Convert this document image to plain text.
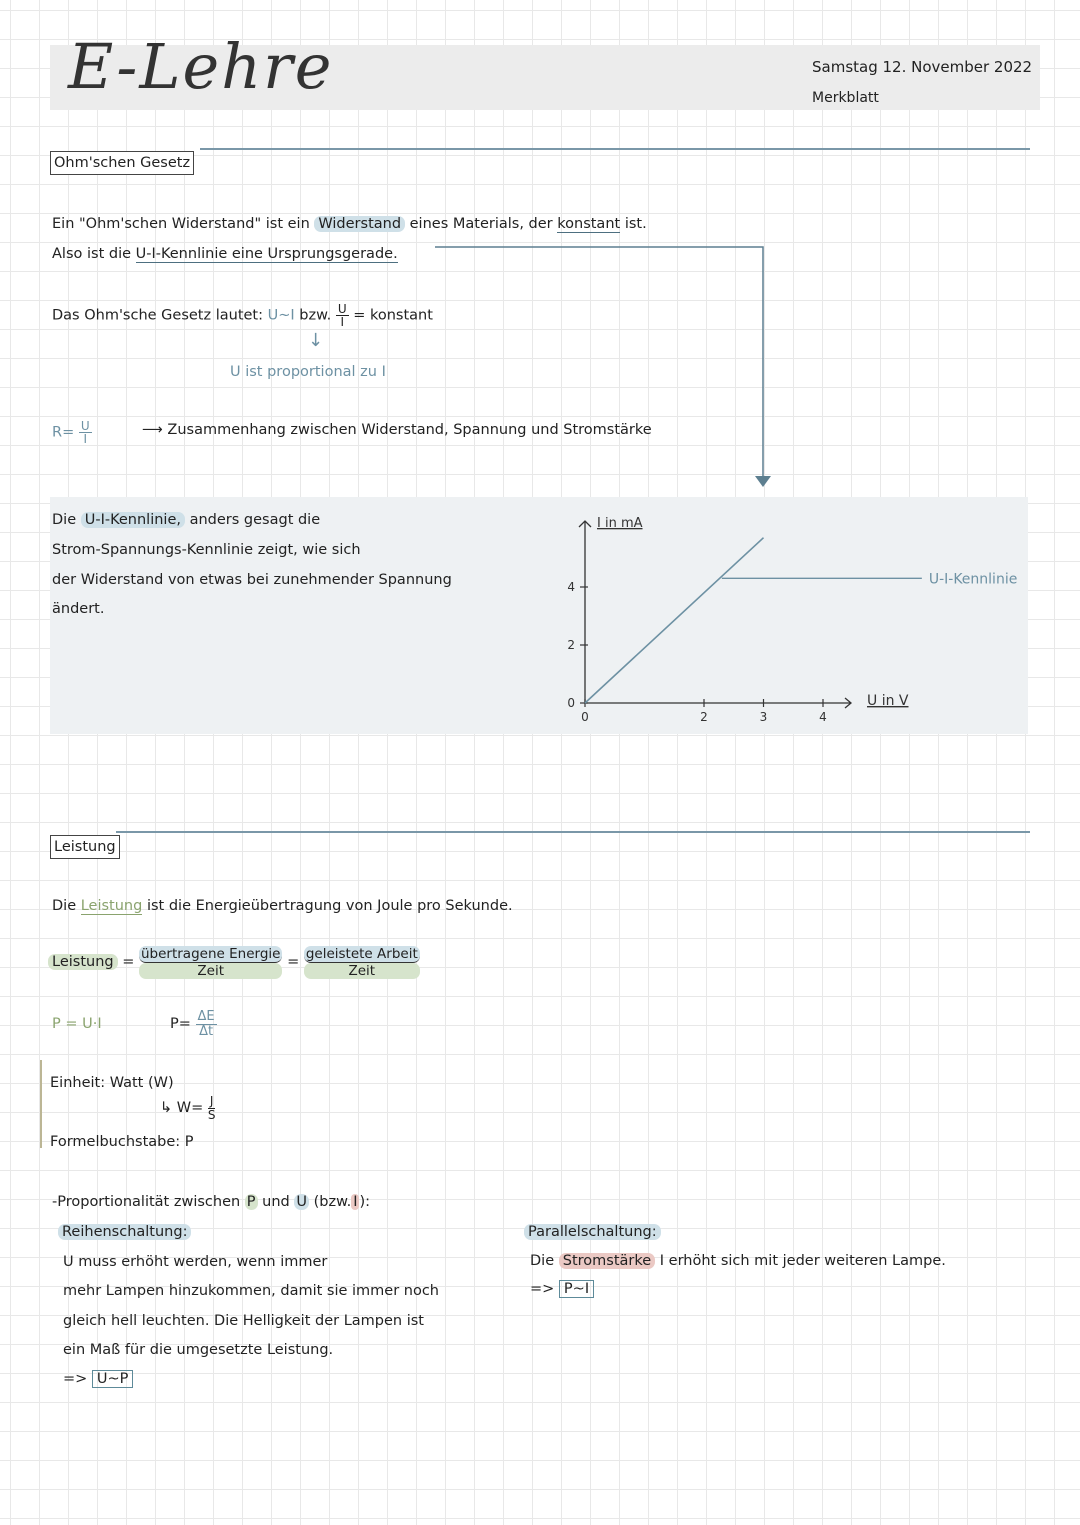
E-Lehre	Samstag 12. November 2022
Merkblatt
Ohm'schen Gesetz
Ein "Ohm'schen Widerstand" ist ein Widerstand eines Materials, der konstant ist.
Also ist die U-I-Kennlinie eine Ursprungsgerade.
Das Ohm'sche Gesetz lautet: U~I bzw. $\frac{U}{I}$ = konstant
↓
U ist proportional zu I
$R= \frac{U}{I}$	⟶ Zusammenhang zwischen Widerstand, Spannung und Stromstärke
Die U-I-Kennlinie, anders gesagt die
Strom-Spannungs-Kennlinie zeigt, wie sich
der Widerstand von etwas bei zunehmender Spannung
ändert.
0	2	3	4
0
2
4
I in mA
U in V
U-I-Kennlinie
Leistung
Die Leistung ist die Energieübertragung von Joule pro Sekunde.
Leistung = $\frac{\text{übertragene Energie}}{\text{Zeit}} = \frac{\text{geleistete Arbeit}}{\text{Zeit}}$
P = U·I	$P= \frac{\Delta E}{\Delta t}$
Einheit: Watt (W)
↳ $W= \frac{J}{S}$
Formelbuchstabe: P
-Proportionalität zwischen P und U (bzw. I ):
Reihenschaltung:
U muss erhöht werden, wenn immer
mehr Lampen hinzukommen, damit sie immer noch
gleich hell leuchten. Die Helligkeit der Lampen ist
ein Maß für die umgesetzte Leistung.
=> U~P
Parallelschaltung:
Die Stromstärke I erhöht sich mit jeder weiteren Lampe.
=> P~I
